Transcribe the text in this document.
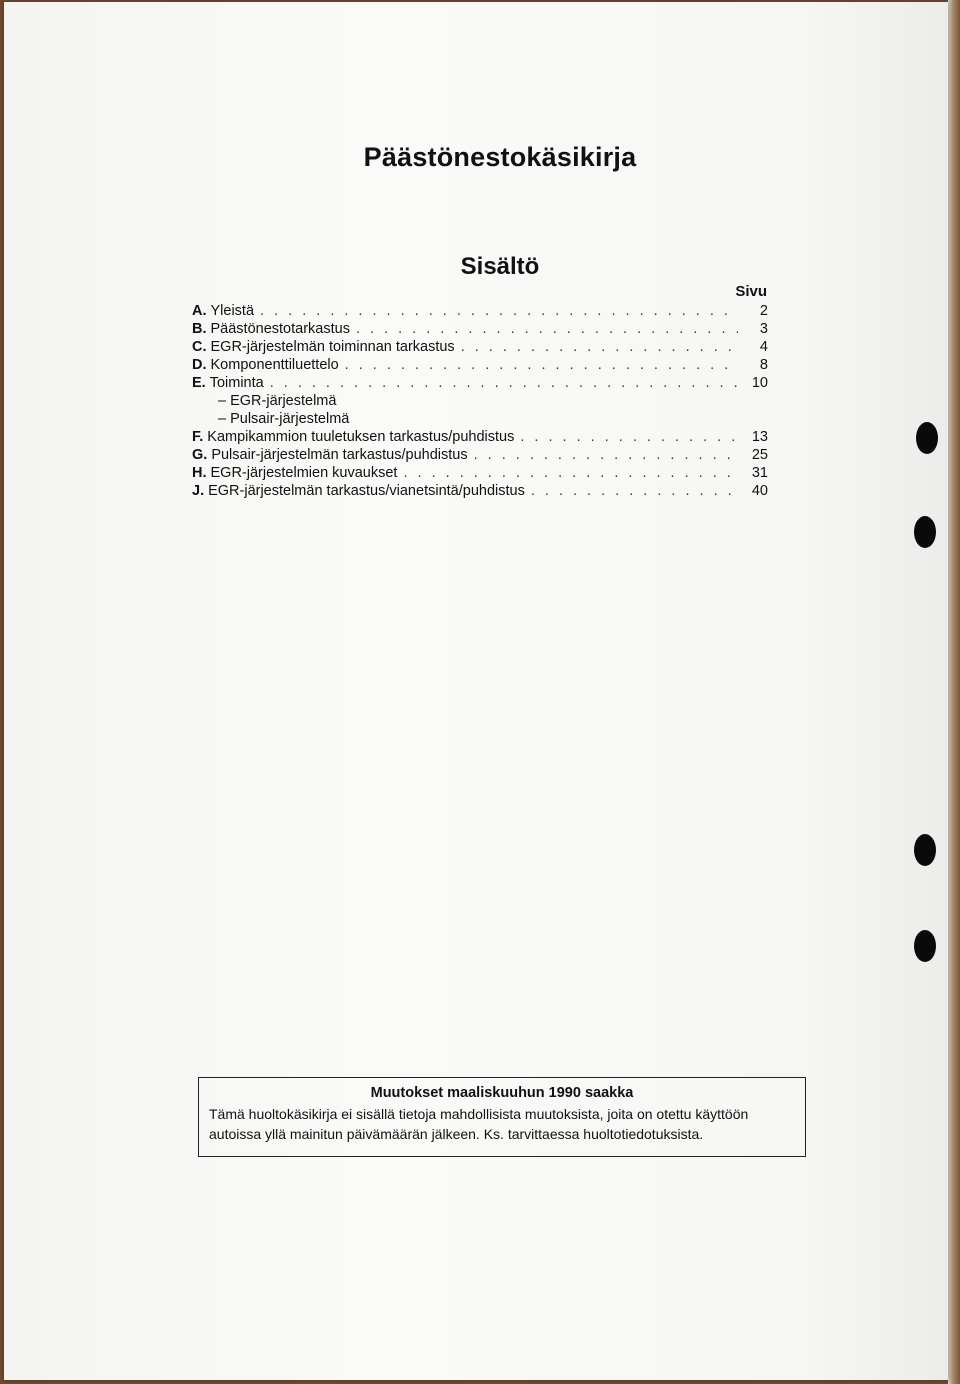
Päästönestokäsikirja
Sisältö
Sivu
A. Yleistä . . .	2
B. Päästönestotarkastus . . .	3
C. EGR-järjestelmän toiminnan tarkastus . . .	4
D. Komponenttiluettelo . . .	8
E. Toiminta . . .	10
– EGR-järjestelmä
– Pulsair-järjestelmä
F. Kampikammion tuuletuksen tarkastus/puhdistus . . .	13
G. Pulsair-järjestelmän tarkastus/puhdistus . . .	25
H. EGR-järjestelmien kuvaukset . . .	31
J. EGR-järjestelmän tarkastus/vianetsintä/puhdistus . . .	40
Muutokset maaliskuuhun 1990 saakka
Tämä huoltokäsikirja ei sisällä tietoja mahdollisista muutoksista, joita on otettu käyttöön autoissa yllä mainitun päivämäärän jälkeen. Ks. tarvittaessa huoltotiedotuksista.
